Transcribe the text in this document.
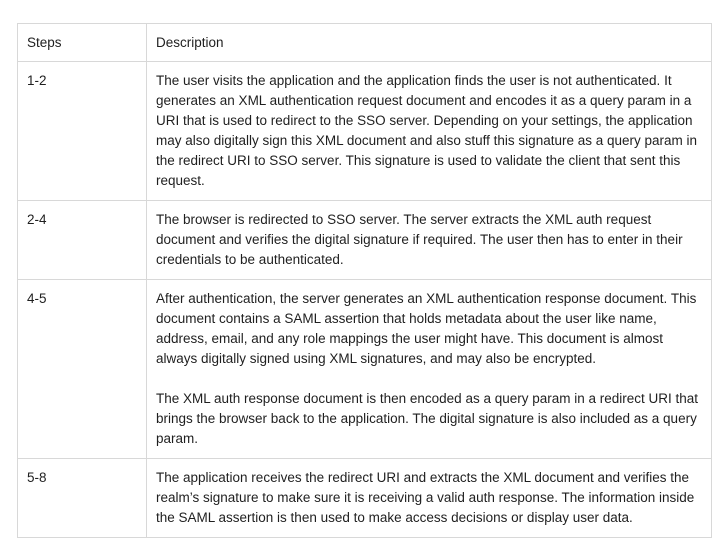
Steps	Description
1-2	The user visits the application and the application finds the user is not authenticated. It generates an XML authentication request document and encodes it as a query param in a URI that is used to redirect to the SSO server. Depending on your settings, the application may also digitally sign this XML document and also stuff this signature as a query param in the redirect URI to SSO server. This signature is used to validate the client that sent this request.

2-4	The browser is redirected to SSO server. The server extracts the XML auth request document and verifies the digital signature if required. The user then has to enter in their credentials to be authenticated.

4-5	After authentication, the server generates an XML authentication response document. This document contains a SAML assertion that holds metadata about the user like name, address, email, and any role mappings the user might have. This document is almost always digitally signed using XML signatures, and may also be encrypted.

The XML auth response document is then encoded as a query param in a redirect URI that brings the browser back to the application. The digital signature is also included as a query param.

5-8	The application receives the redirect URI and extracts the XML document and verifies the realm’s signature to make sure it is receiving a valid auth response. The information inside the SAML assertion is then used to make access decisions or display user data.
